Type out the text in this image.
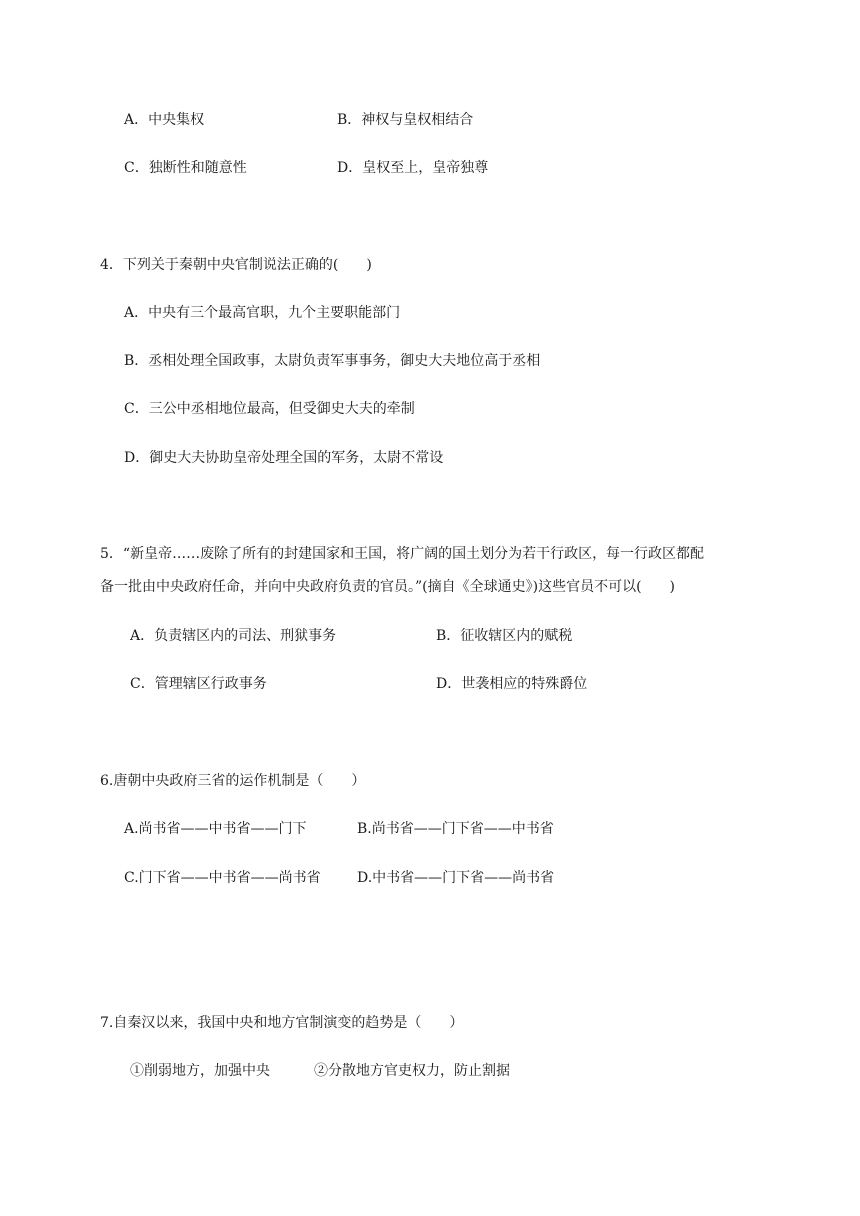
A．中央集权	B．神权与皇权相结合
C．独断性和随意性	D．皇权至上，皇帝独尊
4．下列关于秦朝中央官制说法正确的(　　)
A．中央有三个最高官职，九个主要职能部门
B．丞相处理全国政事，太尉负责军事事务，御史大夫地位高于丞相
C．三公中丞相地位最高，但受御史大夫的牵制
D．御史大夫协助皇帝处理全国的军务，太尉不常设
5．“新皇帝……废除了所有的封建国家和王国，将广阔的国土划分为若干行政区，每一行政区都配
备一批由中央政府任命，并向中央政府负责的官员。”(摘自《全球通史》)这些官员不可以(　　)
A．负责辖区内的司法、刑狱事务	B．征收辖区内的赋税
C．管理辖区行政事务	D．世袭相应的特殊爵位
6.唐朝中央政府三省的运作机制是（　　）
A.尚书省——中书省——门下	B.尚书省——门下省——中书省
C.门下省——中书省——尚书省	D.中书省——门下省——尚书省
7.自秦汉以来，我国中央和地方官制演变的趋势是（　　）
①削弱地方，加强中央	②分散地方官吏权力，防止割据
